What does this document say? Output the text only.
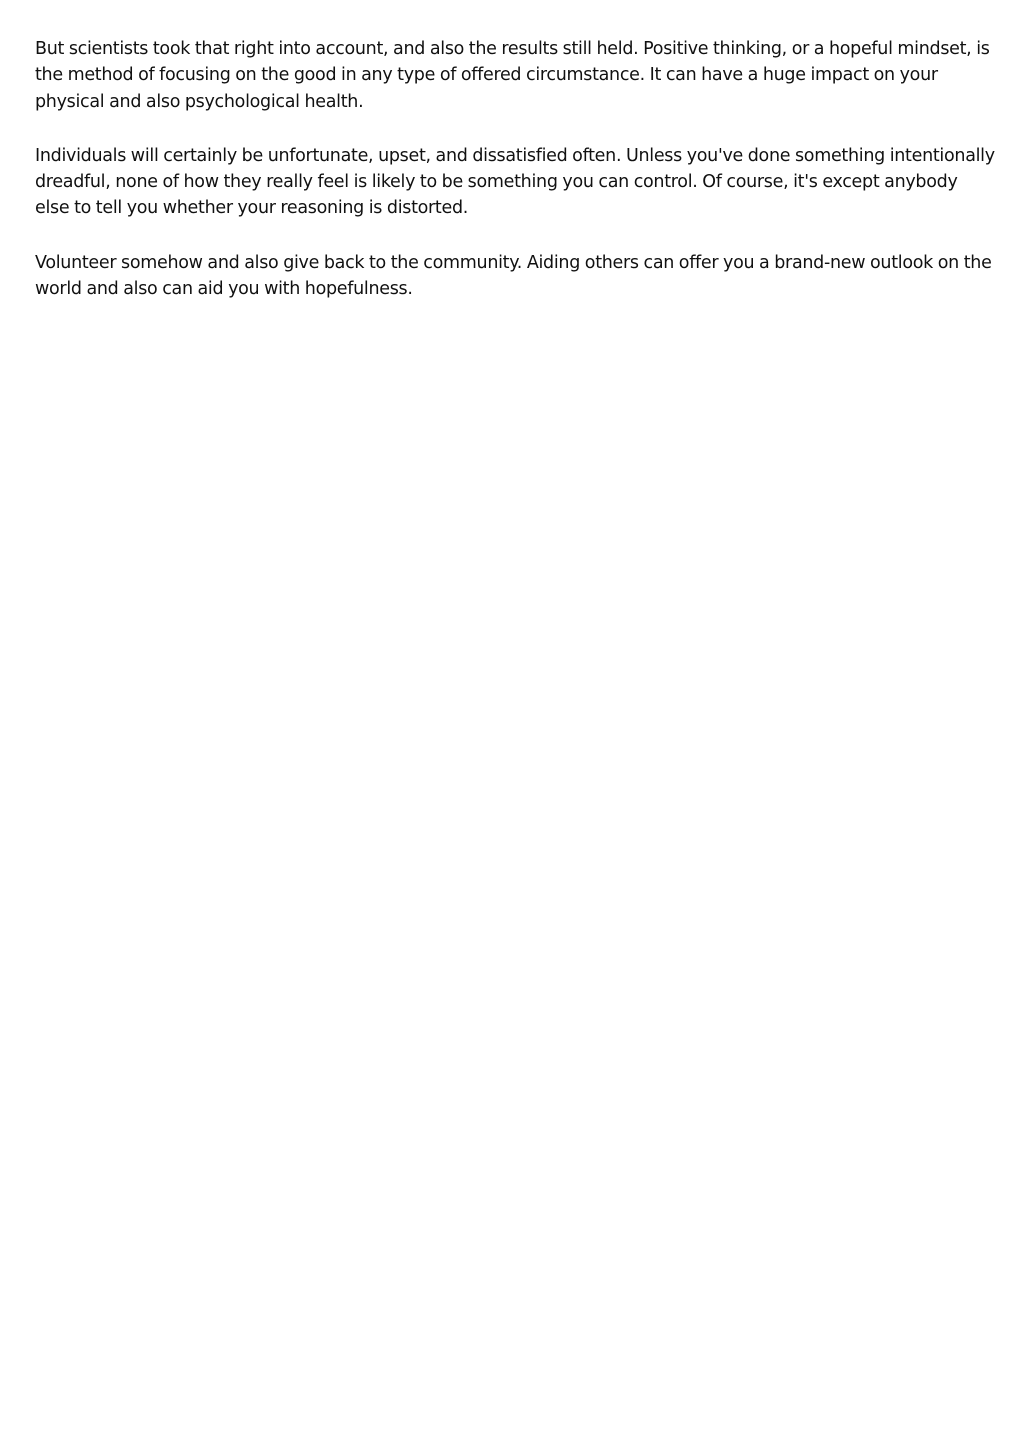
But scientists took that right into account, and also the results still held. Positive thinking, or a hopeful mindset, is the method of focusing on the good in any type of offered circumstance. It can have a huge impact on your physical and also psychological health.

Individuals will certainly be unfortunate, upset, and dissatisfied often. Unless you've done something intentionally dreadful, none of how they really feel is likely to be something you can control. Of course, it's except anybody else to tell you whether your reasoning is distorted.

Volunteer somehow and also give back to the community. Aiding others can offer you a brand-new outlook on the world and also can aid you with hopefulness.
